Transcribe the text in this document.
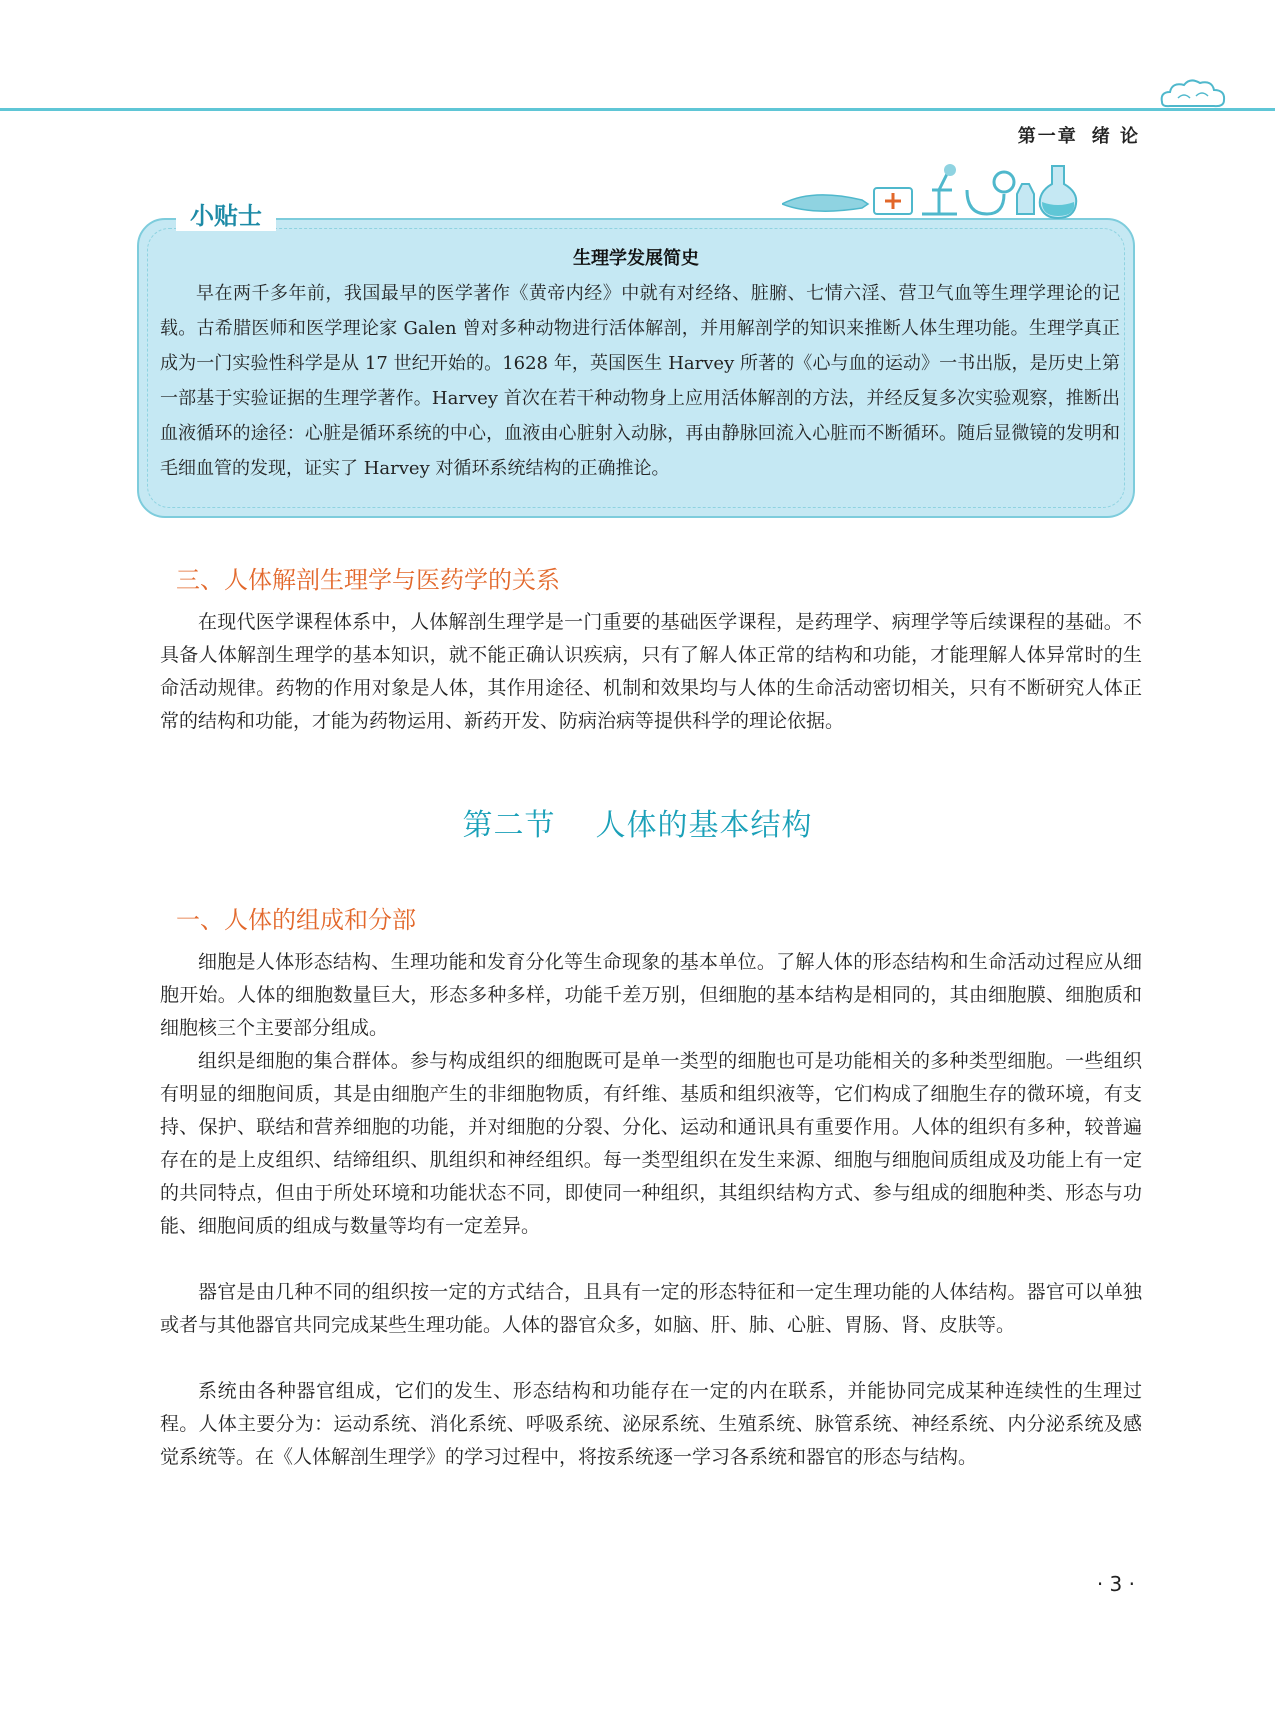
第一章 绪 论
小贴士
生理学发展简史

早在两千多年前，我国最早的医学著作《黄帝内经》中就有对经络、脏腑、七情六淫、营卫气血等生理学理论的记载。古希腊医师和医学理论家 Galen 曾对多种动物进行活体解剖，并用解剖学的知识来推断人体生理功能。生理学真正成为一门实验性科学是从 17 世纪开始的。1628 年，英国医生 Harvey 所著的《心与血的运动》一书出版，是历史上第一部基于实验证据的生理学著作。Harvey 首次在若干种动物身上应用活体解剖的方法，并经反复多次实验观察，推断出血液循环的途径：心脏是循环系统的中心，血液由心脏射入动脉，再由静脉回流入心脏而不断循环。随后显微镜的发明和毛细血管的发现，证实了 Harvey 对循环系统结构的正确推论。

三、人体解剖生理学与医药学的关系

在现代医学课程体系中，人体解剖生理学是一门重要的基础医学课程，是药理学、病理学等后续课程的基础。不具备人体解剖生理学的基本知识，就不能正确认识疾病，只有了解人体正常的结构和功能，才能理解人体异常时的生命活动规律。药物的作用对象是人体，其作用途径、机制和效果均与人体的生命活动密切相关，只有不断研究人体正常的结构和功能，才能为药物运用、新药开发、防病治病等提供科学的理论依据。

第二节 人体的基本结构
一、人体的组成和分部

细胞是人体形态结构、生理功能和发育分化等生命现象的基本单位。了解人体的形态结构和生命活动过程应从细胞开始。人体的细胞数量巨大，形态多种多样，功能千差万别，但细胞的基本结构是相同的，其由细胞膜、细胞质和细胞核三个主要部分组成。

组织是细胞的集合群体。参与构成组织的细胞既可是单一类型的细胞也可是功能相关的多种类型细胞。一些组织有明显的细胞间质，其是由细胞产生的非细胞物质，有纤维、基质和组织液等，它们构成了细胞生存的微环境，有支持、保护、联结和营养细胞的功能，并对细胞的分裂、分化、运动和通讯具有重要作用。人体的组织有多种，较普遍存在的是上皮组织、结缔组织、肌组织和神经组织。每一类型组织在发生来源、细胞与细胞间质组成及功能上有一定的共同特点，但由于所处环境和功能状态不同，即使同一种组织，其组织结构方式、参与组成的细胞种类、形态与功能、细胞间质的组成与数量等均有一定差异。

器官是由几种不同的组织按一定的方式结合，且具有一定的形态特征和一定生理功能的人体结构。器官可以单独或者与其他器官共同完成某些生理功能。人体的器官众多，如脑、肝、肺、心脏、胃肠、肾、皮肤等。

系统由各种器官组成，它们的发生、形态结构和功能存在一定的内在联系，并能协同完成某种连续性的生理过程。人体主要分为：运动系统、消化系统、呼吸系统、泌尿系统、生殖系统、脉管系统、神经系统、内分泌系统及感觉系统等。在《人体解剖生理学》的学习过程中，将按系统逐一学习各系统和器官的形态与结构。

· 3 ·
